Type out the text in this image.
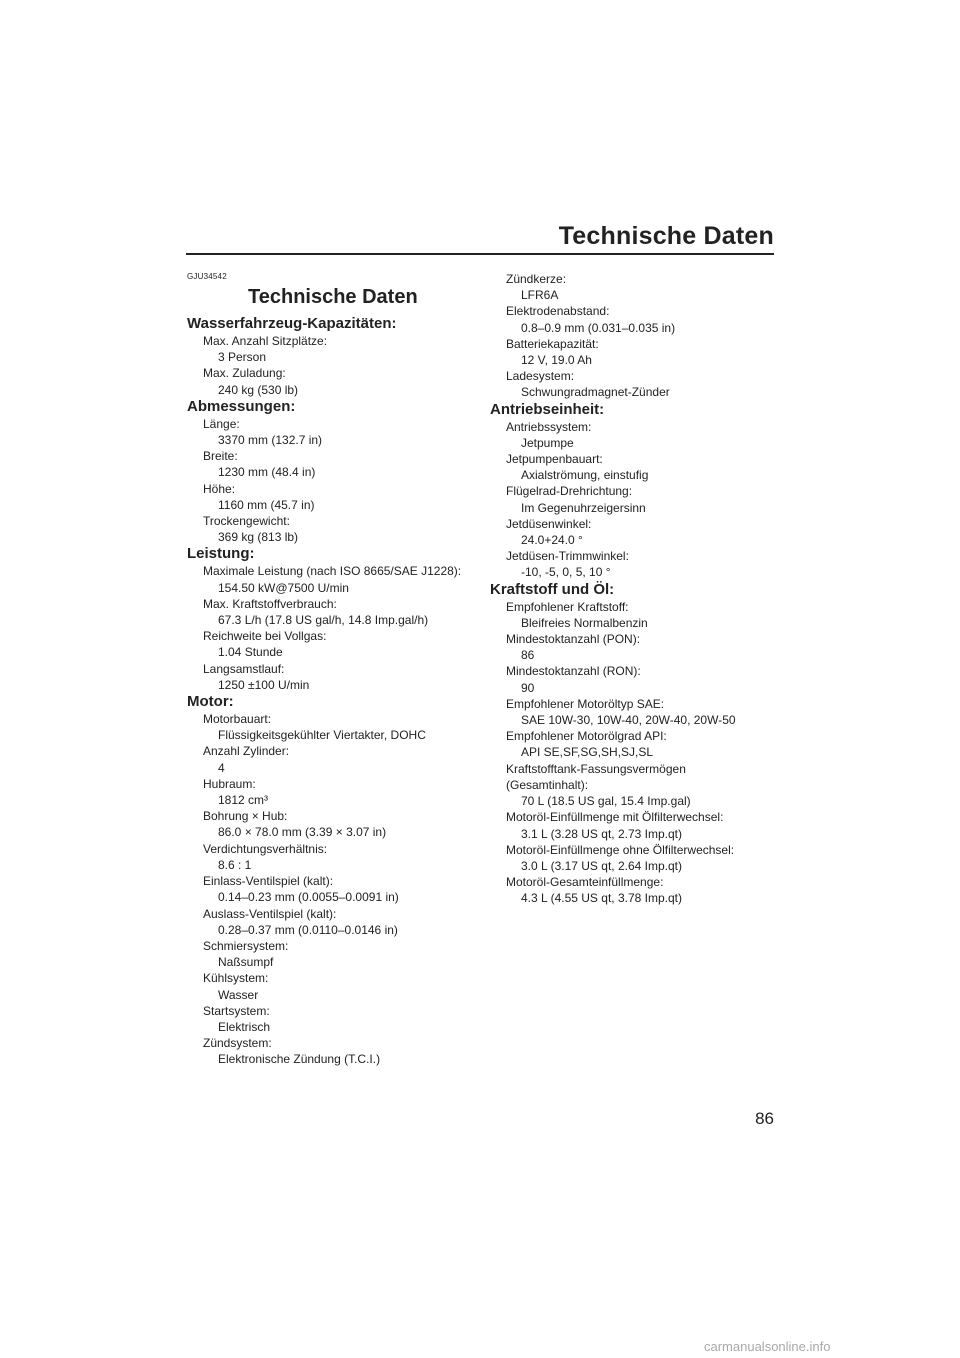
Technische Daten
GJU34542
Technische Daten
Wasserfahrzeug-Kapazitäten:
Max. Anzahl Sitzplätze:
3 Person
Max. Zuladung:
240 kg (530 lb)
Abmessungen:
Länge:
3370 mm (132.7 in)
Breite:
1230 mm (48.4 in)
Höhe:
1160 mm (45.7 in)
Trockengewicht:
369 kg (813 lb)
Leistung:
Maximale Leistung (nach ISO 8665/SAE J1228):
154.50 kW@7500 U/min
Max. Kraftstoffverbrauch:
67.3 L/h (17.8 US gal/h, 14.8 Imp.gal/h)
Reichweite bei Vollgas:
1.04 Stunde
Langsamstlauf:
1250 ±100 U/min
Motor:
Motorbauart:
Flüssigkeitsgekühlter Viertakter, DOHC
Anzahl Zylinder:
4
Hubraum:
1812 cm³
Bohrung × Hub:
86.0 × 78.0 mm (3.39 × 3.07 in)
Verdichtungsverhältnis:
8.6 : 1
Einlass-Ventilspiel (kalt):
0.14–0.23 mm (0.0055–0.0091 in)
Auslass-Ventilspiel (kalt):
0.28–0.37 mm (0.0110–0.0146 in)
Schmiersystem:
Naßsumpf
Kühlsystem:
Wasser
Startsystem:
Elektrisch
Zündsystem:
Elektronische Zündung (T.C.I.)
Zündkerze:
LFR6A
Elektrodenabstand:
0.8–0.9 mm (0.031–0.035 in)
Batteriekapazität:
12 V, 19.0 Ah
Ladesystem:
Schwungradmagnet-Zünder
Antriebseinheit:
Antriebssystem:
Jetpumpe
Jetpumpenbauart:
Axialströmung, einstufig
Flügelrad-Drehrichtung:
Im Gegenuhrzeigersinn
Jetdüsenwinkel:
24.0+24.0 °
Jetdüsen-Trimmwinkel:
-10, -5, 0, 5, 10 °
Kraftstoff und Öl:
Empfohlener Kraftstoff:
Bleifreies Normalbenzin
Mindestoktanzahl (PON):
86
Mindestoktanzahl (RON):
90
Empfohlener Motoröltyp SAE:
SAE 10W-30, 10W-40, 20W-40, 20W-50
Empfohlener Motorölgrad API:
API SE,SF,SG,SH,SJ,SL
Kraftstofftank-Fassungsvermögen
(Gesamtinhalt):
70 L (18.5 US gal, 15.4 Imp.gal)
Motoröl-Einfüllmenge mit Ölfilterwechsel:
3.1 L (3.28 US qt, 2.73 Imp.qt)
Motoröl-Einfüllmenge ohne Ölfilterwechsel:
3.0 L (3.17 US qt, 2.64 Imp.qt)
Motoröl-Gesamteinfüllmenge:
4.3 L (4.55 US qt, 3.78 Imp.qt)
86
carmanualsonline.info
